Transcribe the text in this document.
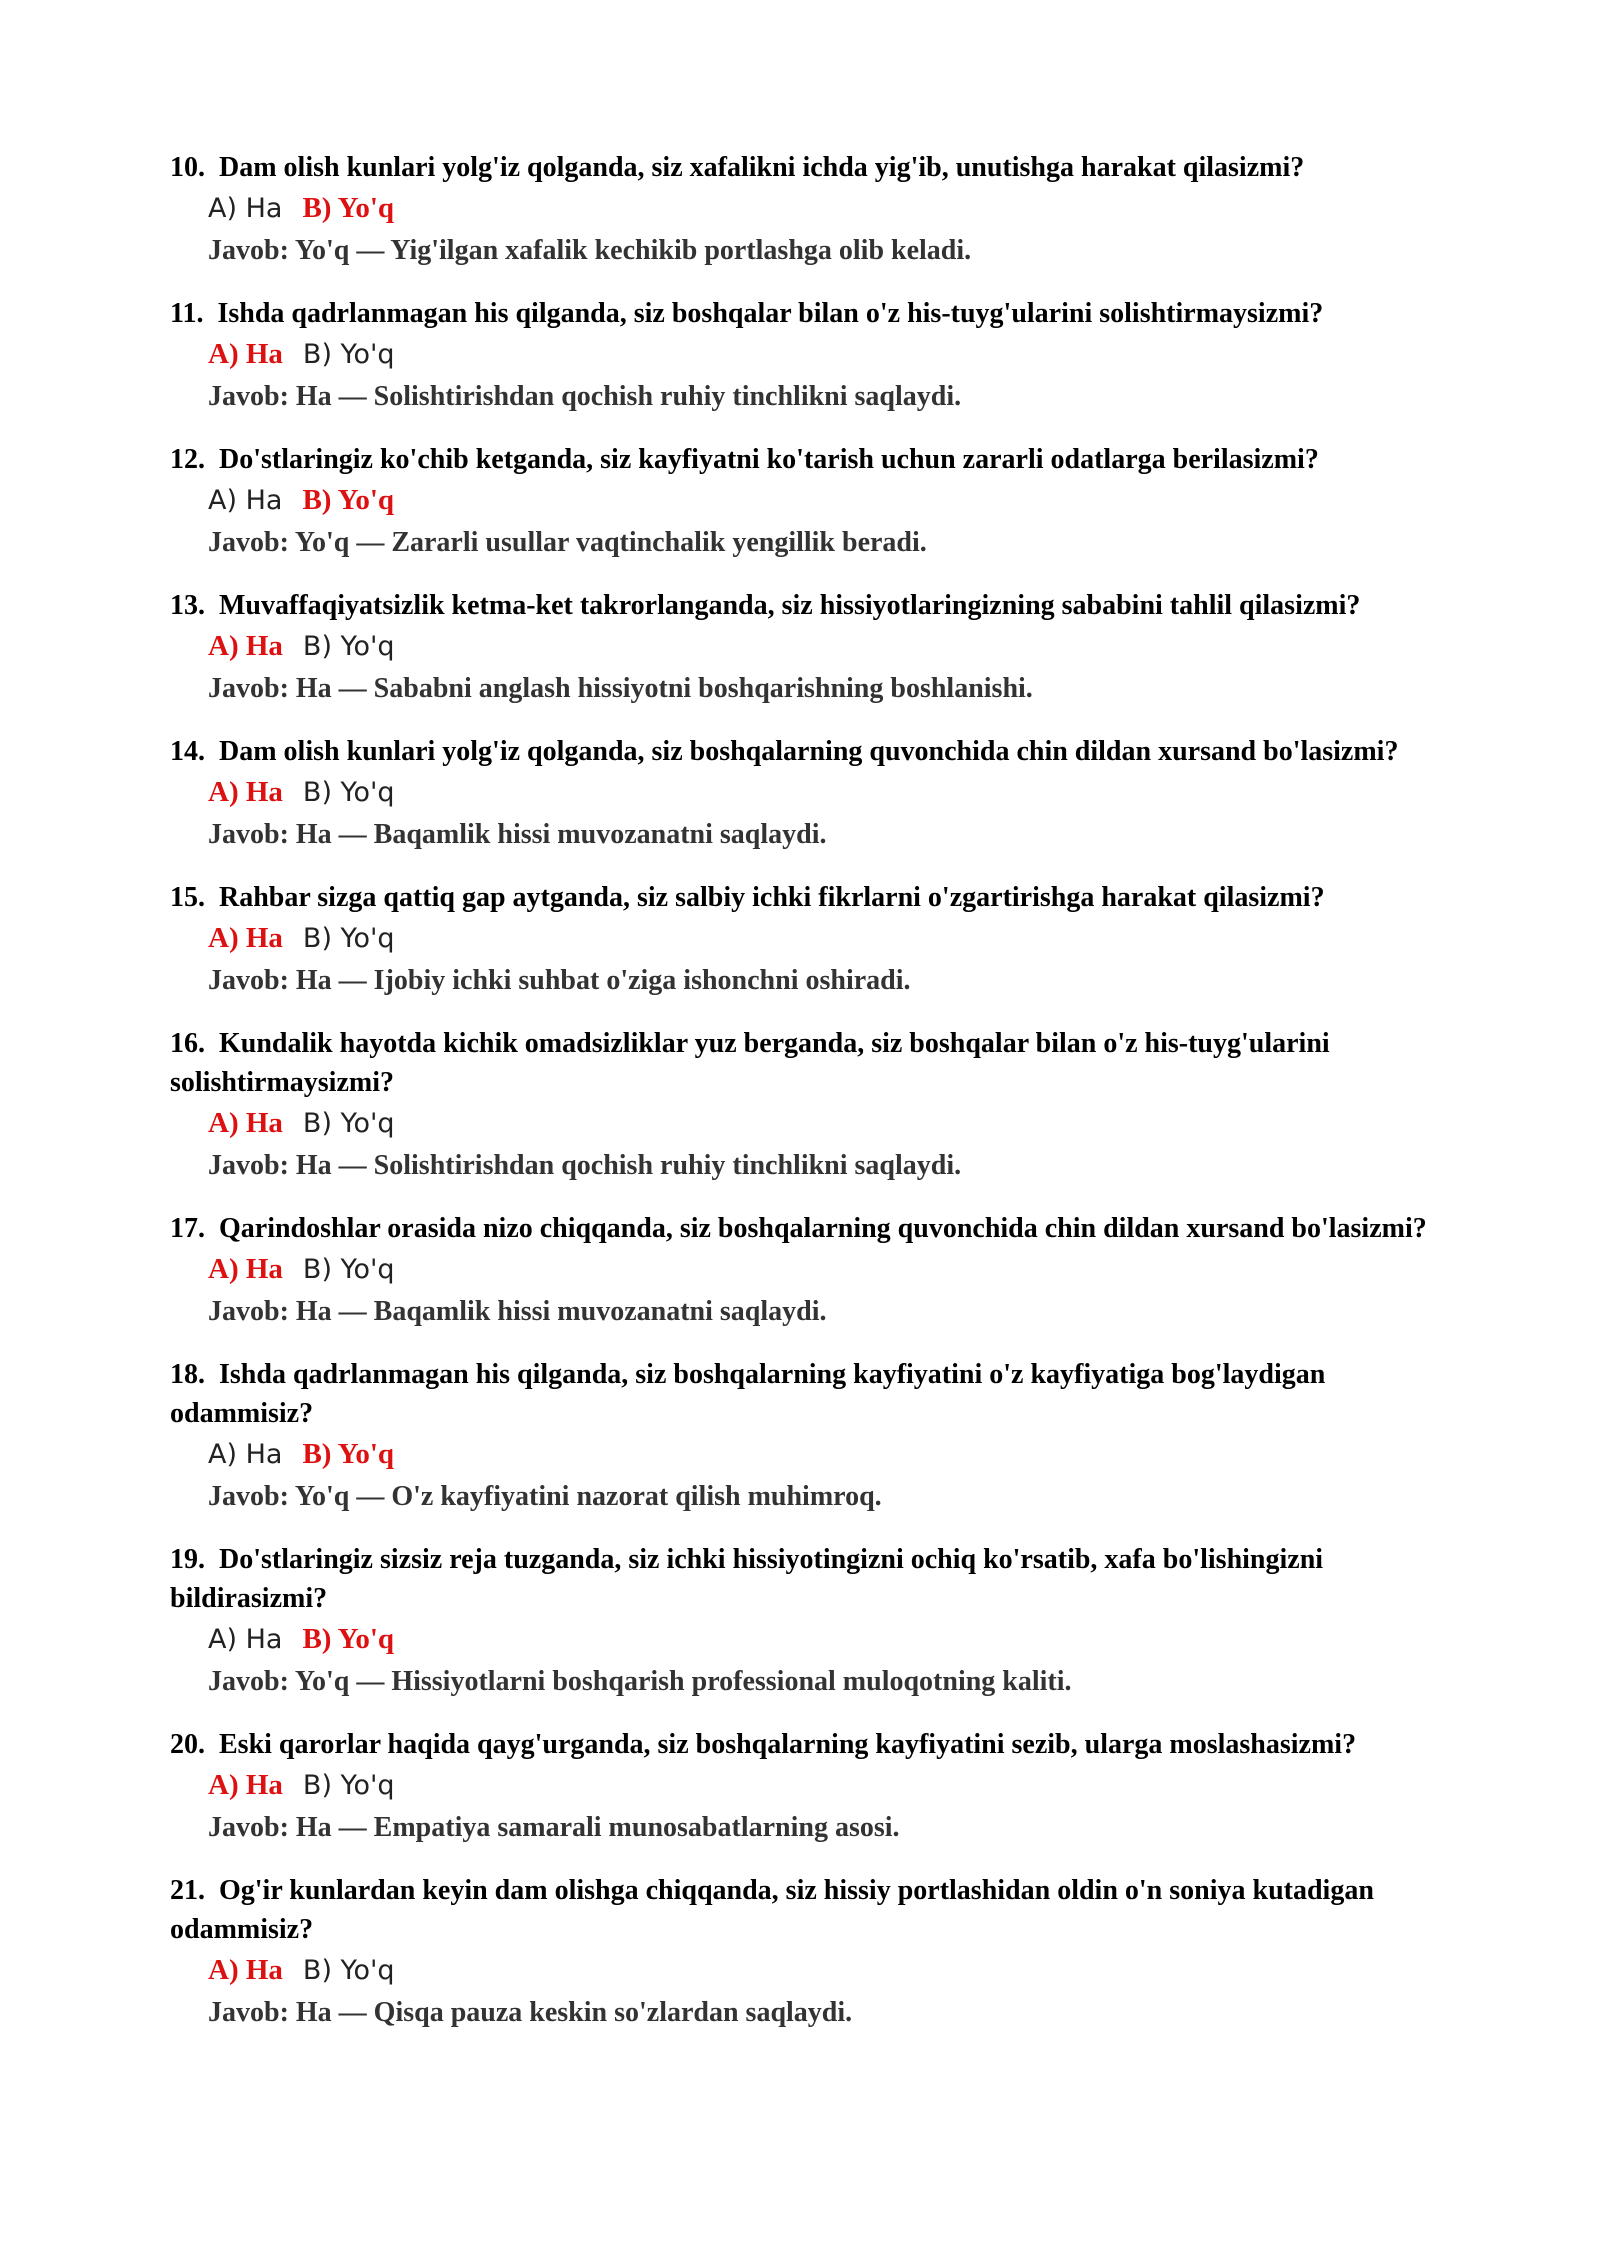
10. Dam olish kunlari yolg'iz qolganda, siz xafalikni ichda yig'ib, unutishga harakat qilasizmi?

A) Ha B) Yo'q
Javob: Yo'q — Yig'ilgan xafalik kechikib portlashga olib keladi.

11. Ishda qadrlanmagan his qilganda, siz boshqalar bilan o'z his-tuyg'ularini solishtirmaysizmi?

A) Ha B) Yo'q
Javob: Ha — Solishtirishdan qochish ruhiy tinchlikni saqlaydi.

12. Do'stlaringiz ko'chib ketganda, siz kayfiyatni ko'tarish uchun zararli odatlarga berilasizmi?

A) Ha B) Yo'q
Javob: Yo'q — Zararli usullar vaqtinchalik yengillik beradi.

13. Muvaffaqiyatsizlik ketma-ket takrorlanganda, siz hissiyotlaringizning sababini tahlil qilasizmi?

A) Ha B) Yo'q
Javob: Ha — Sababni anglash hissiyotni boshqarishning boshlanishi.

14. Dam olish kunlari yolg'iz qolganda, siz boshqalarning quvonchida chin dildan xursand bo'lasizmi?

A) Ha B) Yo'q
Javob: Ha — Baqamlik hissi muvozanatni saqlaydi.

15. Rahbar sizga qattiq gap aytganda, siz salbiy ichki fikrlarni o'zgartirishga harakat qilasizmi?

A) Ha B) Yo'q
Javob: Ha — Ijobiy ichki suhbat o'ziga ishonchni oshiradi.

16. Kundalik hayotda kichik omadsizliklar yuz berganda, siz boshqalar bilan o'z his-tuyg'ularini solishtirmaysizmi?

A) Ha B) Yo'q
Javob: Ha — Solishtirishdan qochish ruhiy tinchlikni saqlaydi.

17. Qarindoshlar orasida nizo chiqqanda, siz boshqalarning quvonchida chin dildan xursand bo'lasizmi?

A) Ha B) Yo'q
Javob: Ha — Baqamlik hissi muvozanatni saqlaydi.

18. Ishda qadrlanmagan his qilganda, siz boshqalarning kayfiyatini o'z kayfiyatiga bog'laydigan odammisiz?

A) Ha B) Yo'q
Javob: Yo'q — O'z kayfiyatini nazorat qilish muhimroq.

19. Do'stlaringiz sizsiz reja tuzganda, siz ichki hissiyotingizni ochiq ko'rsatib, xafa bo'lishingizni bildirasizmi?

A) Ha B) Yo'q
Javob: Yo'q — Hissiyotlarni boshqarish professional muloqotning kaliti.

20. Eski qarorlar haqida qayg'urganda, siz boshqalarning kayfiyatini sezib, ularga moslashasizmi?

A) Ha B) Yo'q
Javob: Ha — Empatiya samarali munosabatlarning asosi.

21. Og'ir kunlardan keyin dam olishga chiqqanda, siz hissiy portlashidan oldin o'n soniya kutadigan odammisiz?

A) Ha B) Yo'q
Javob: Ha — Qisqa pauza keskin so'zlardan saqlaydi.
